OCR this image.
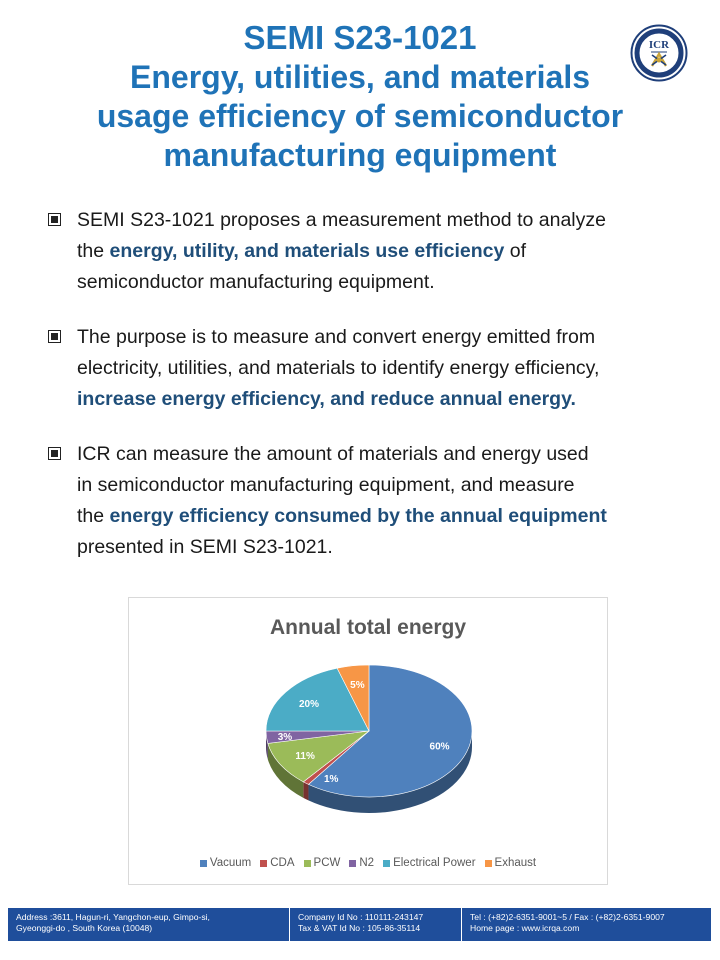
SEMI S23-1021
Energy, utilities, and materials
usage efficiency of semiconductor
manufacturing equipment
ICR
SEMI S23-1021 proposes a measurement method to analyze
the energy, utility, and materials use efficiency of
semiconductor manufacturing equipment.
The purpose is to measure and convert energy emitted from
electricity, utilities, and materials to identify energy efficiency,
increase energy efficiency, and reduce annual energy.
ICR can measure the amount of materials and energy used
in semiconductor manufacturing equipment, and measure
the energy efficiency consumed by the annual equipment
presented in SEMI S23-1021.
Annual total energy
60%
1%
11%
3%
20%
5%
Vacuum CDA PCW N2 Electrical Power Exhaust
Address :3611, Hagun-ri, Yangchon-eup, Gimpo-si,
Gyeonggi-do , South Korea (10048)
Company Id No : 110111-243147
Tax & VAT Id No : 105-86-35114
Tel : (+82)2-6351-9001~5 / Fax : (+82)2-6351-9007
Home page : www.icrqa.com
